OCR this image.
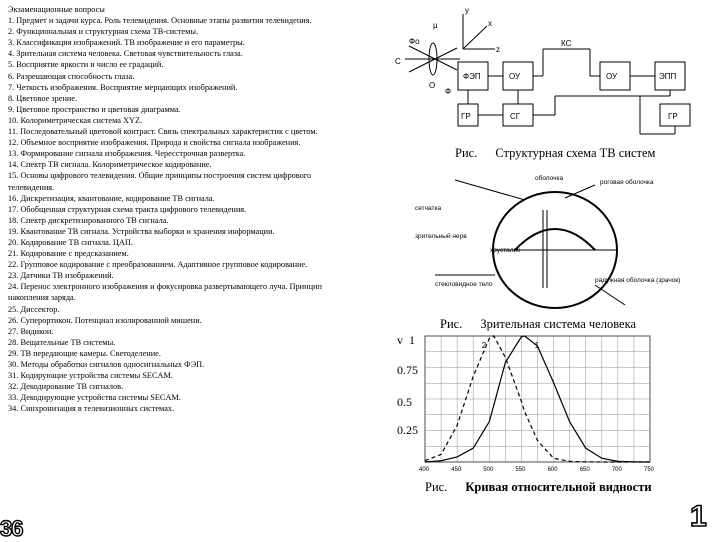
Экзаменационные вопросы
1. Предмет и задачи курса. Роль телевидения. Основные этапы развития телевидения.
2. Функциональная и структурная схема ТВ-системы.
3. Классификация изображений. ТВ изображение и его параметры.
4. Зрительная система человека. Световая чувствительность глаза.
5. Восприятие яркости и число ее градаций.
6. Разрешающая способность глаза.
7. Четкость изображения. Восприятие мерцающих изображений.
8. Цветовое зрение.
9. Цветовое пространство и цветовая диаграмма.
10. Колориметрическая система XYZ.
11. Последовательный цветовой контраст. Связь спектральных характеристик с цветом.
12. Объемное восприятие изображения. Природа и свойства сигнала изображения.
13. Формирование сигнала изображения. Чересстрочная развертка.
14. Спектр ТВ сигнала. Колориметрическое кодирование.
15. Основы цифрового телевидения. Общие принципы построения систем цифрового телевидения.
16. Дискретизация, квантование, кодирование ТВ сигнала.
17. Обобщенная структурная схема тракта цифрового телевидения.
18. Спектр дискретизированного ТВ сигнала.
19. Квантование ТВ сигнала. Устройства выборки и хранения информации.
20. Кодирование ТВ сигнала. ЦАП.
21. Кодирование с предсказанием.
22. Групповое кодирование с преобразованием. Адаптивное групповое кодирование.
23. Датчики ТВ изображений.
24. Перенос электронного изображения и фокусировка развертывающего луча. Принцип накопления заряда.
25. Диссектор.
26. Суперортикон. Потенциал изолированной мишени.
27. Видикон.
28. Вещательные ТВ системы.
29. ТВ передающие камеры. Светоделение.
30. Методы обработки сигналов односигнальных ФЭП.
31. Кодирующие устройства системы SECAM.
32. Декодирование ТВ сигналов.
33. Декодирующие устройства системы SECAM.
34. Синхронизация в телевизионных системах.
36	1
y
x
z
Фо
μ
С
О
Ф
КС
ФЭП	ОУ	ОУ	ЭПП
ГР	СГ	ГР
Рис. Структурная схема ТВ систем
оболочка
роговая оболочка
сетчатка
зрительный нерв
хрусталик
стекловидное тело
радужная оболочка (зрачок)
Рис. Зрительная система человека
v 1
0.75
0.5
0.25
400	450	500	550	600	650	700	750
1
2
Рис. Кривая относительной видности
